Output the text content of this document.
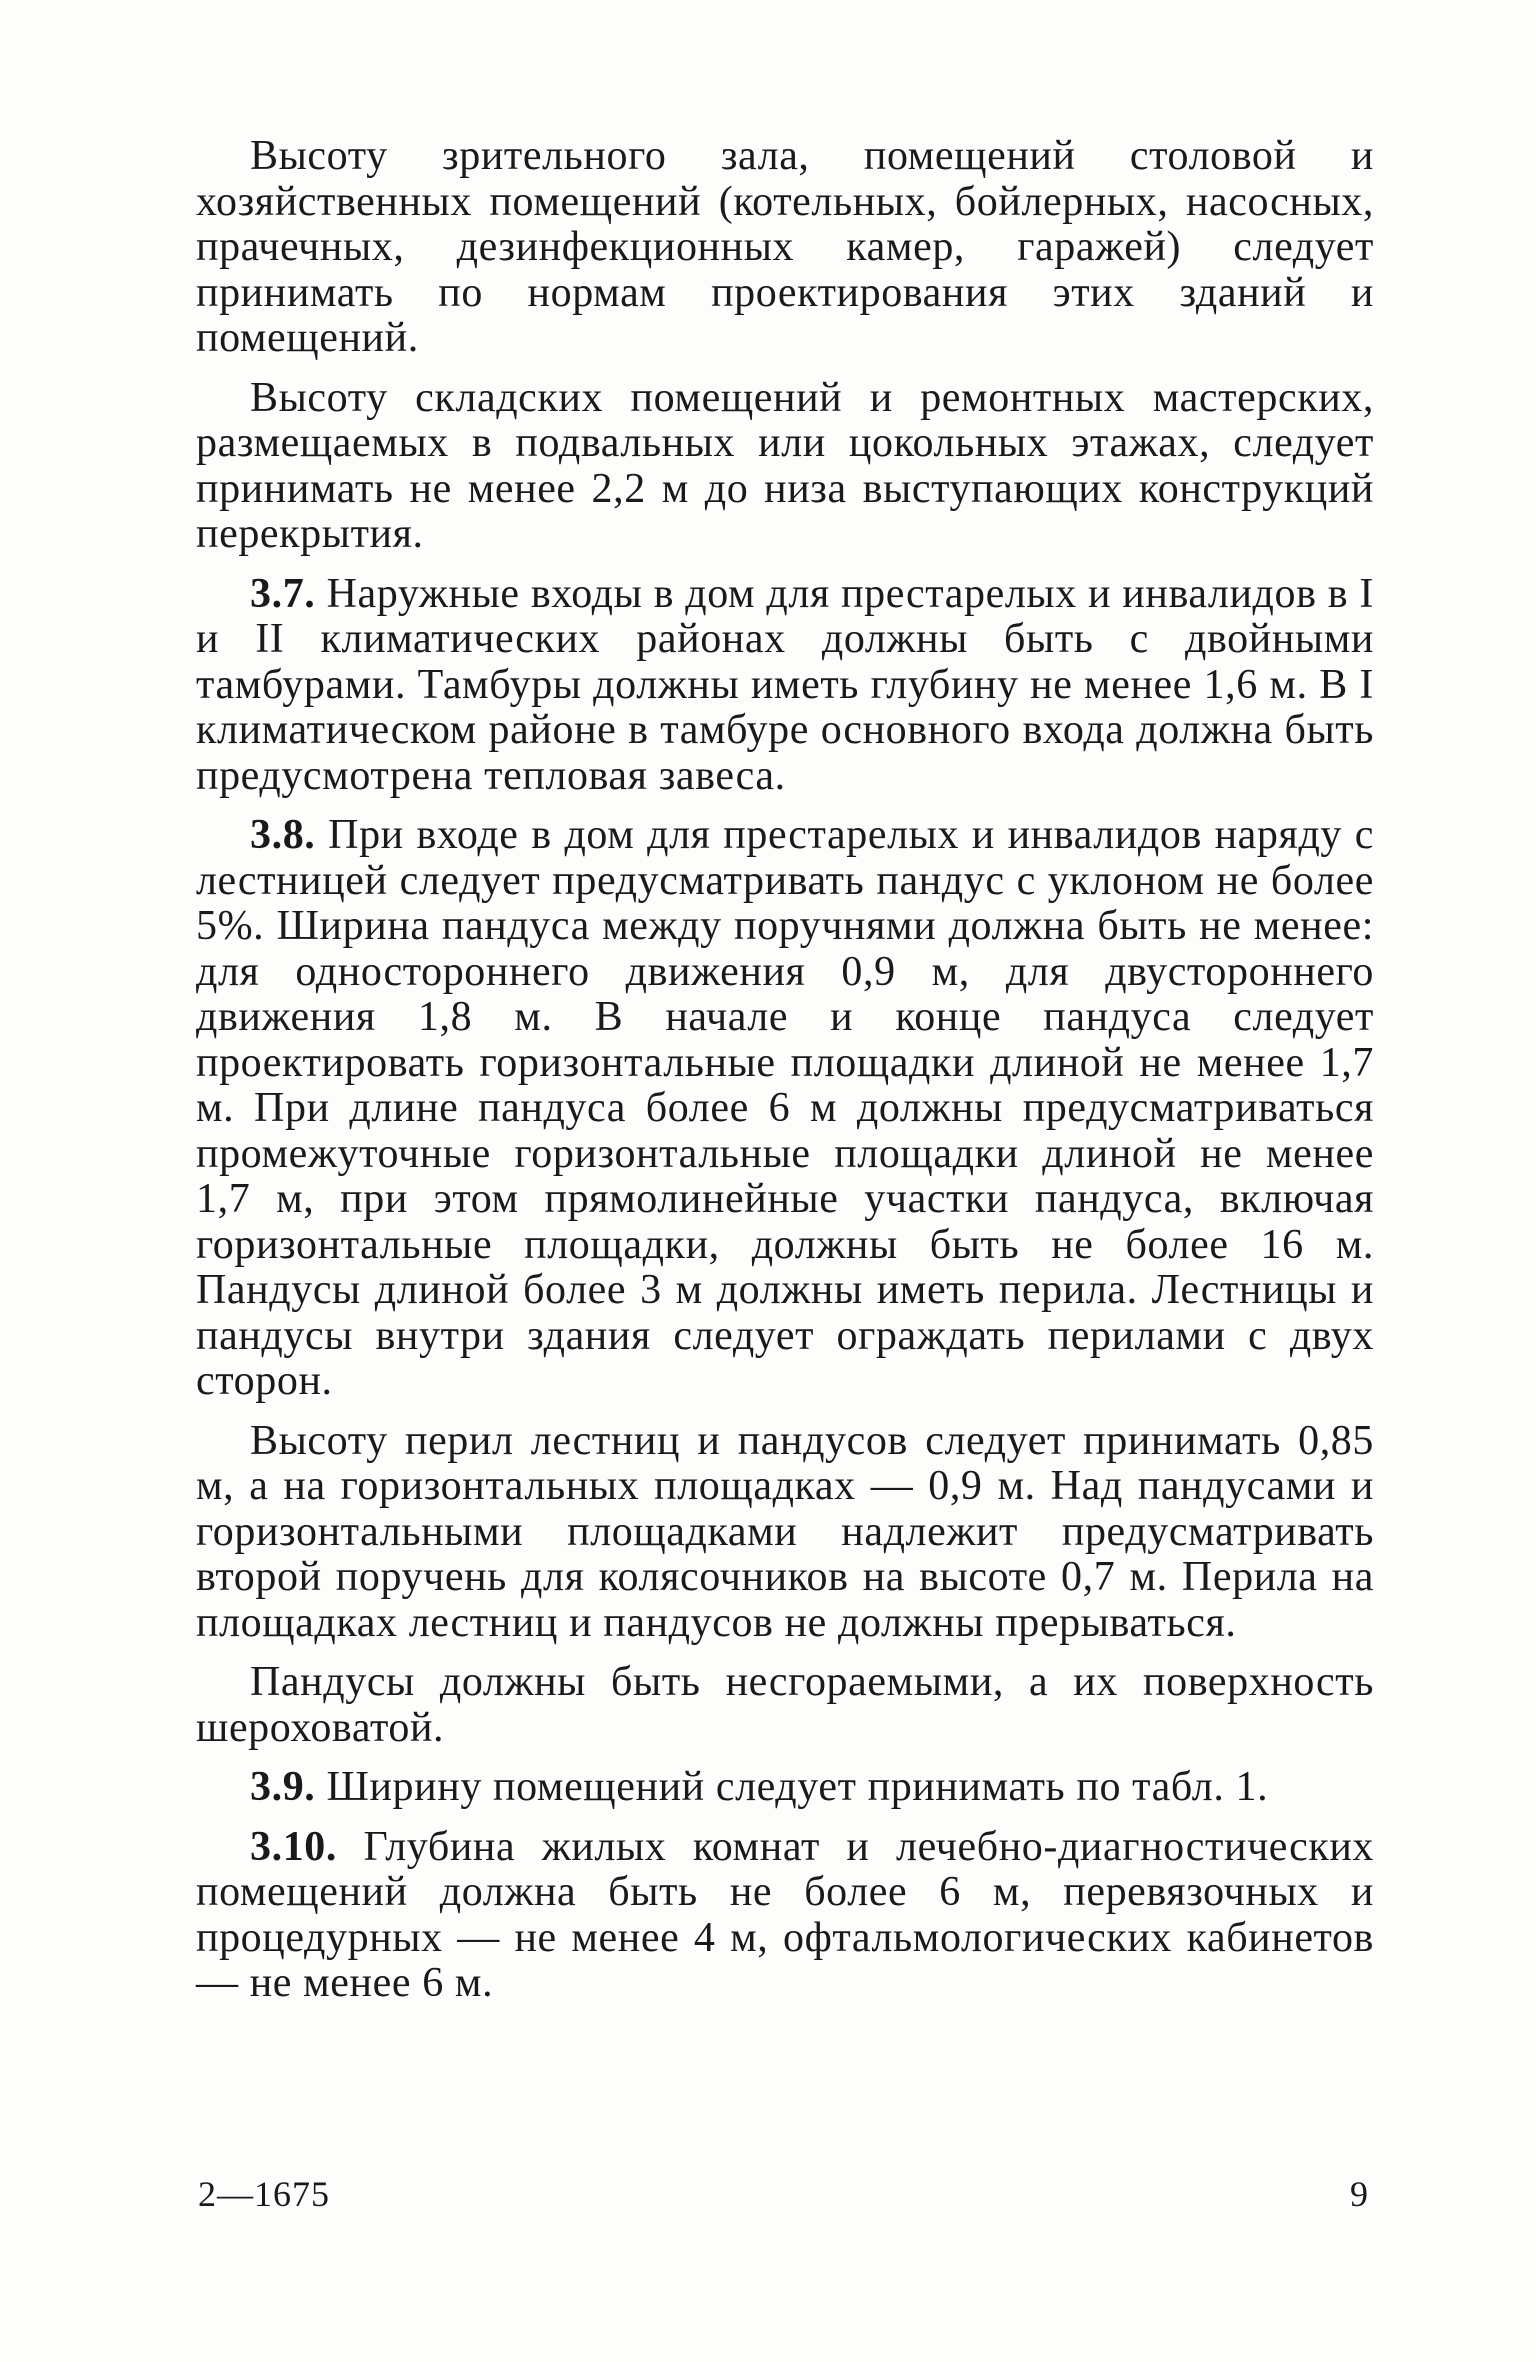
Высоту зрительного зала, помещений столовой и хозяйственных помещений (котельных, бойлерных, насосных, прачечных, дезинфекционных камер, гаражей) следует принимать по нормам проектирования этих зданий и помещений.

Высоту складских помещений и ремонтных мастерских, размещаемых в подвальных или цокольных этажах, следует принимать не менее 2,2 м до низа выступающих конструкций перекрытия.

3.7. Наружные входы в дом для престарелых и инвалидов в I и II климатических районах должны быть с двойными тамбурами. Тамбуры должны иметь глубину не менее 1,6 м. В I климатическом районе в тамбуре основного входа должна быть предусмотрена тепловая завеса.

3.8. При входе в дом для престарелых и инвалидов наряду с лестницей следует предусматривать пандус с уклоном не более 5%. Ширина пандуса между поручнями должна быть не менее: для одностороннего движения 0,9 м, для двустороннего движения 1,8 м. В начале и конце пандуса следует проектировать горизонтальные площадки длиной не менее 1,7 м. При длине пандуса более 6 м должны предусматриваться промежуточные горизонтальные площадки длиной не менее 1,7 м, при этом прямолинейные участки пандуса, включая горизонтальные площадки, должны быть не более 16 м. Пандусы длиной более 3 м должны иметь перила. Лестницы и пандусы внутри здания следует ограждать перилами с двух сторон.

Высоту перил лестниц и пандусов следует принимать 0,85 м, а на горизонтальных площадках — 0,9 м. Над пандусами и горизонтальными площадками надлежит предусматривать второй поручень для колясочников на высоте 0,7 м. Перила на площадках лестниц и пандусов не должны прерываться.

Пандусы должны быть несгораемыми, а их поверхность шероховатой.

3.9. Ширину помещений следует принимать по табл. 1.

3.10. Глубина жилых комнат и лечебно-диагностических помещений должна быть не более 6 м, перевязочных и процедурных — не менее 4 м, офтальмологических кабинетов — не менее 6 м.

2—1675	9
